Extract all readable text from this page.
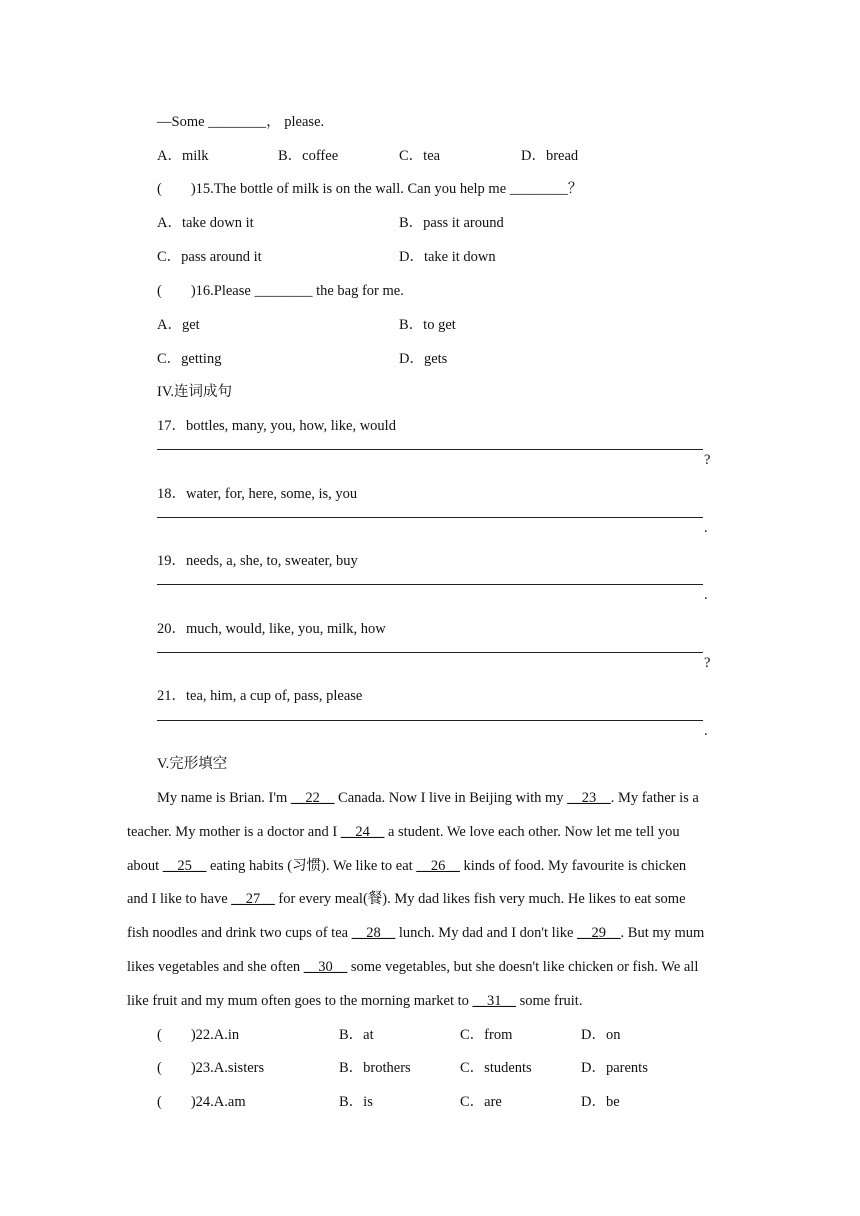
—Some ________， please.
A．milk	B．coffee	C．tea	D．bread
(　　)15.The bottle of milk is on the wall. Can you help me ________？
A．take down it	B．pass it around
C．pass around it	D．take it down
(　　)16.Please ________ the bag for me.
A．get	B．to get
C．getting	D．gets
IV.连词成句
17．bottles, many, you, how, like, would
?
18．water, for, here, some, is, you
.
19．needs, a, she, to, sweater, buy
.
20．much, would, like, you, milk, how
?
21．tea, him, a cup of, pass, please
.
V.完形填空
My name is Brian. I'm __22__ Canada. Now I live in Beijing with my __23__. My father is a
teacher. My mother is a doctor and I __24__ a student. We love each other. Now let me tell you
about __25__ eating habits (习惯). We like to eat __26__ kinds of food. My favourite is chicken
and I like to have __27__ for every meal(餐). My dad likes fish very much. He likes to eat some
fish noodles and drink two cups of tea __28__ lunch. My dad and I don't like __29__. But my mum
likes vegetables and she often __30__ some vegetables, but she doesn't like chicken or fish. We all
like fruit and my mum often goes to the morning market to __31__ some fruit.
(　　)22.A.in	B．at	C．from	D．on
(　　)23.A.sisters	B．brothers	C．students	D．parents
(　　)24.A.am	B．is	C．are	D．be
